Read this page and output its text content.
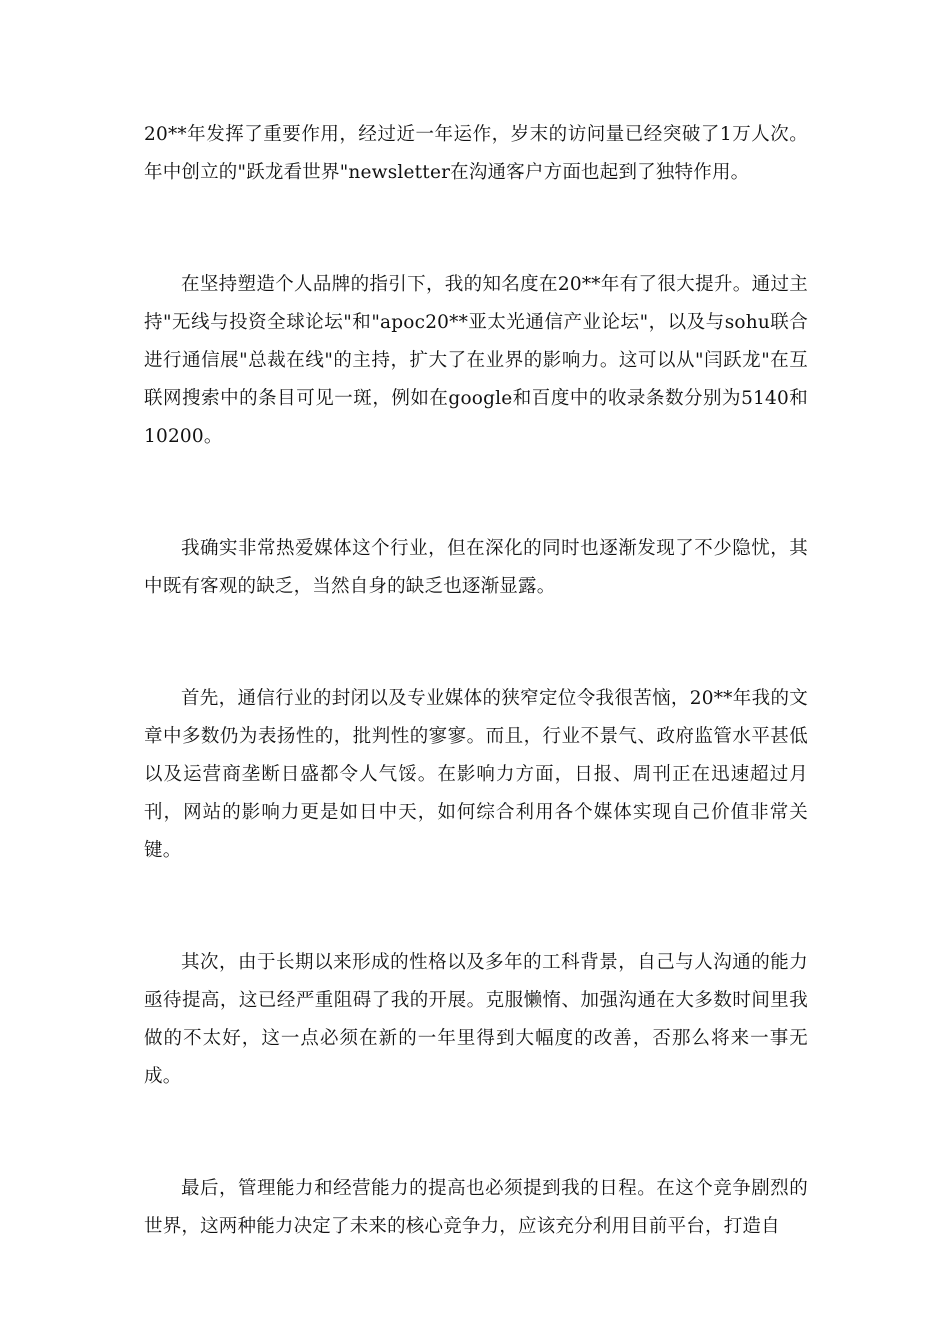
20**年发挥了重要作用，经过近一年运作，岁末的访问量已经突破了1万人次。年中创立的"跃龙看世界"newsletter在沟通客户方面也起到了独特作用。

在坚持塑造个人品牌的指引下，我的知名度在20**年有了很大提升。通过主持"无线与投资全球论坛"和"apoc20**亚太光通信产业论坛"，以及与sohu联合进行通信展"总裁在线"的主持，扩大了在业界的影响力。这可以从"闫跃龙"在互联网搜索中的条目可见一斑，例如在google和百度中的收录条数分别为5140和10200。

我确实非常热爱媒体这个行业，但在深化的同时也逐渐发现了不少隐忧，其中既有客观的缺乏，当然自身的缺乏也逐渐显露。

首先，通信行业的封闭以及专业媒体的狭窄定位令我很苦恼，20**年我的文章中多数仍为表扬性的，批判性的寥寥。而且，行业不景气、政府监管水平甚低以及运营商垄断日盛都令人气馁。在影响力方面，日报、周刊正在迅速超过月刊，网站的影响力更是如日中天，如何综合利用各个媒体实现自己价值非常关键。

其次，由于长期以来形成的性格以及多年的工科背景，自己与人沟通的能力亟待提高，这已经严重阻碍了我的开展。克服懒惰、加强沟通在大多数时间里我做的不太好，这一点必须在新的一年里得到大幅度的改善，否那么将来一事无成。

最后，管理能力和经营能力的提高也必须提到我的日程。在这个竞争剧烈的世界，这两种能力决定了未来的核心竞争力，应该充分利用目前平台，打造自
